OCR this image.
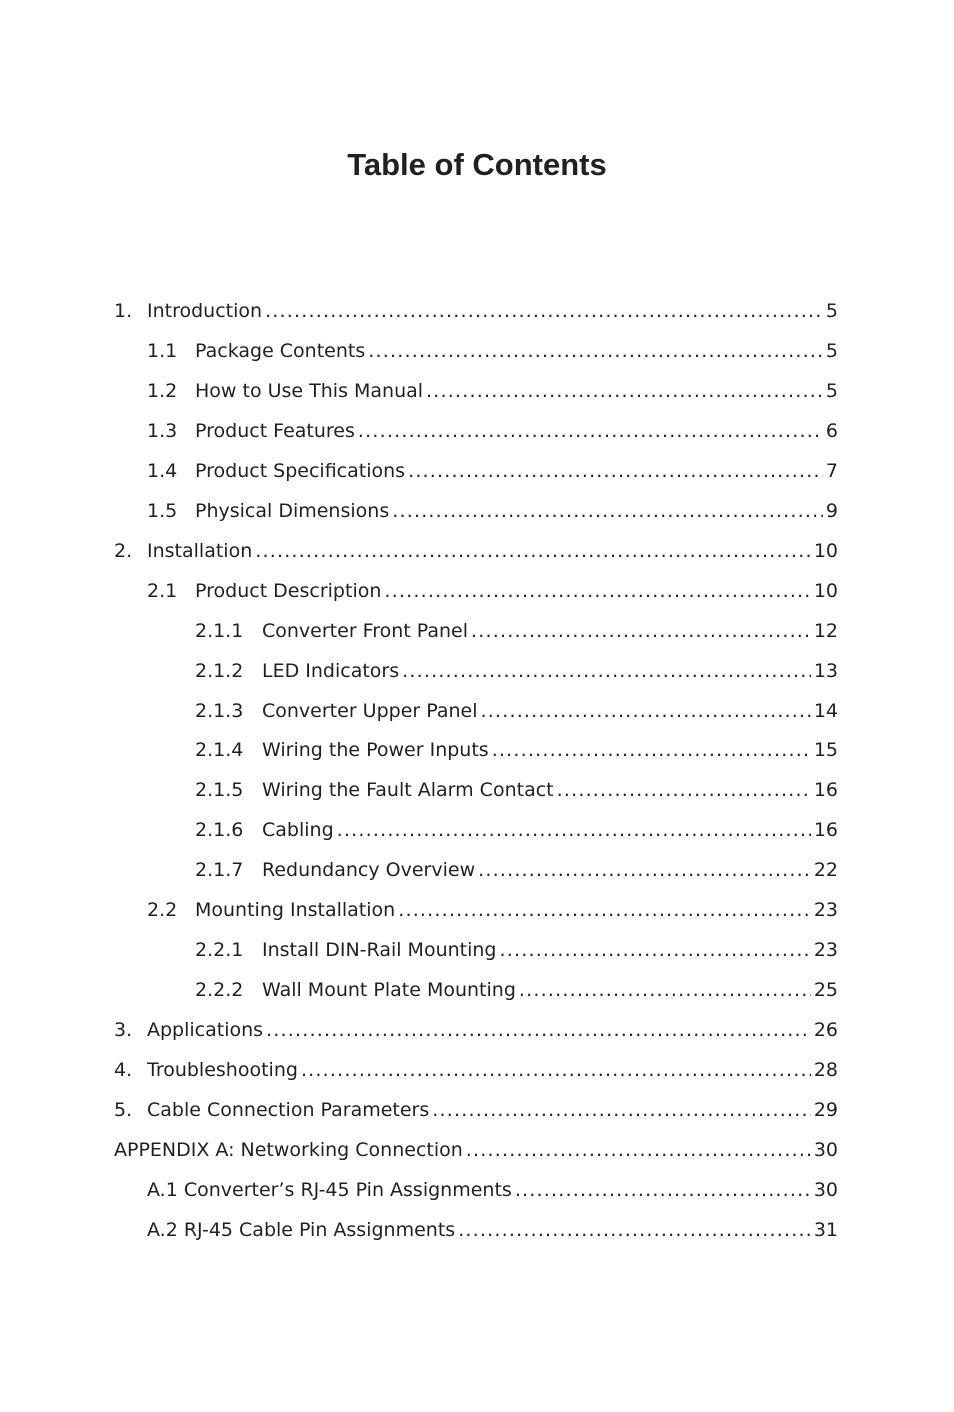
Table of Contents
1. Introduction .....	5
1.1 Package Contents .....	5
1.2 How to Use This Manual .....	5
1.3 Product Features .....	6
1.4 Product Specifications .....	7
1.5 Physical Dimensions .....	9
2. Installation .....	10
2.1 Product Description .....	10
2.1.1 Converter Front Panel .....	12
2.1.2 LED Indicators .....	13
2.1.3 Converter Upper Panel .....	14
2.1.4 Wiring the Power Inputs .....	15
2.1.5 Wiring the Fault Alarm Contact .....	16
2.1.6 Cabling .....	16
2.1.7 Redundancy Overview .....	22
2.2 Mounting Installation .....	23
2.2.1 Install DIN-Rail Mounting .....	23
2.2.2 Wall Mount Plate Mounting .....	25
3. Applications .....	26
4. Troubleshooting .....	28
5. Cable Connection Parameters .....	29
APPENDIX A: Networking Connection .....	30
A.1 Converter’s RJ-45 Pin Assignments .....	30
A.2 RJ-45 Cable Pin Assignments .....	31
